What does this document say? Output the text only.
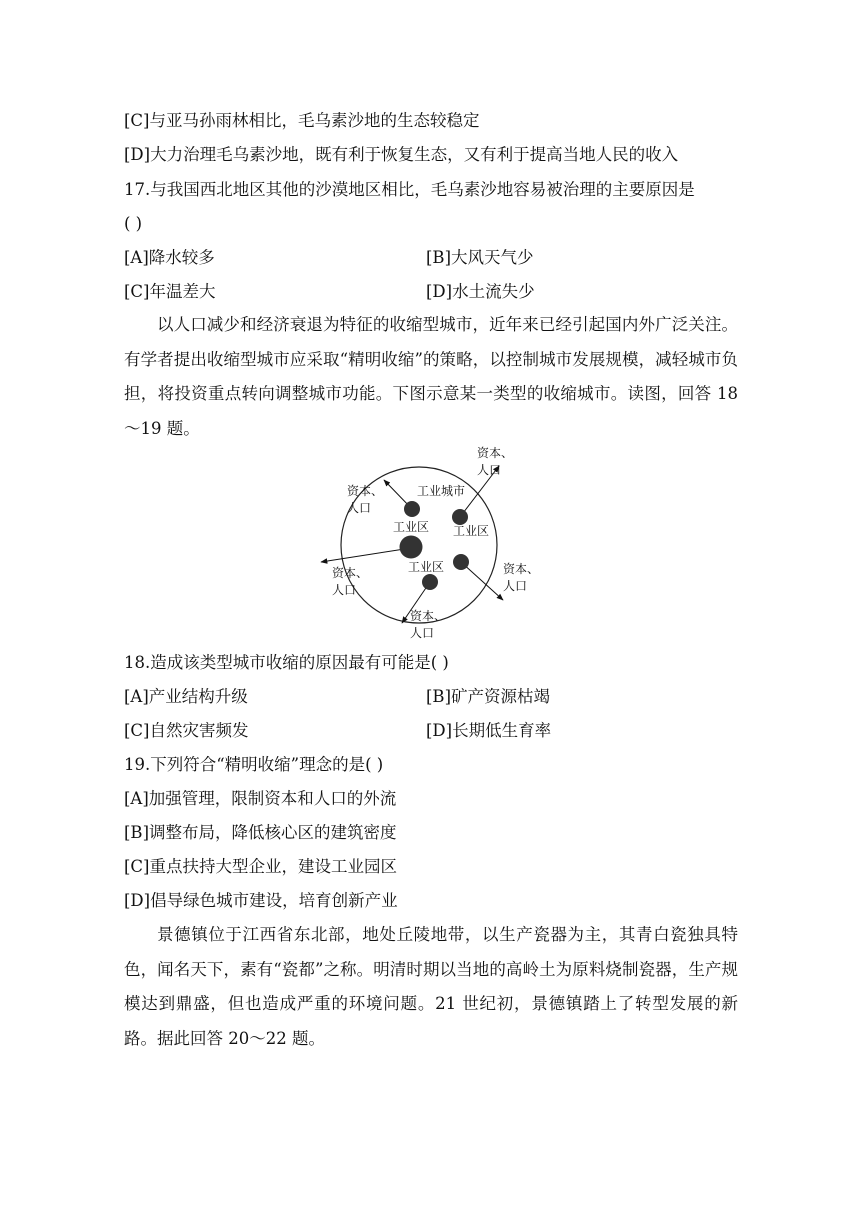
[C]与亚马孙雨林相比，毛乌素沙地的生态较稳定
[D]大力治理毛乌素沙地，既有利于恢复生态，又有利于提高当地人民的收入
17.与我国西北地区其他的沙漠地区相比，毛乌素沙地容易被治理的主要原因是
( )
[A]降水较多	[B]大风天气少
[C]年温差大	[D]水土流失少
以人口减少和经济衰退为特征的收缩型城市，近年来已经引起国内外广泛关注。有学者提出收缩型城市应采取“精明收缩”的策略，以控制城市发展规模，减轻城市负担，将投资重点转向调整城市功能。下图示意某一类型的收缩城市。读图，回答 18～19 题。
工业城市
工业区 工业区
工业区
资本、
人口
资本、
人口
资本、
人口
资本、
人口
资本、
人口
18.造成该类型城市收缩的原因最有可能是( )
[A]产业结构升级	[B]矿产资源枯竭
[C]自然灾害频发	[D]长期低生育率
19.下列符合“精明收缩”理念的是( )
[A]加强管理，限制资本和人口的外流
[B]调整布局，降低核心区的建筑密度
[C]重点扶持大型企业，建设工业园区
[D]倡导绿色城市建设，培育创新产业
景德镇位于江西省东北部，地处丘陵地带，以生产瓷器为主，其青白瓷独具特色，闻名天下，素有“瓷都”之称。明清时期以当地的高岭土为原料烧制瓷器，生产规模达到鼎盛，但也造成严重的环境问题。21 世纪初，景德镇踏上了转型发展的新路。据此回答 20～22 题。
